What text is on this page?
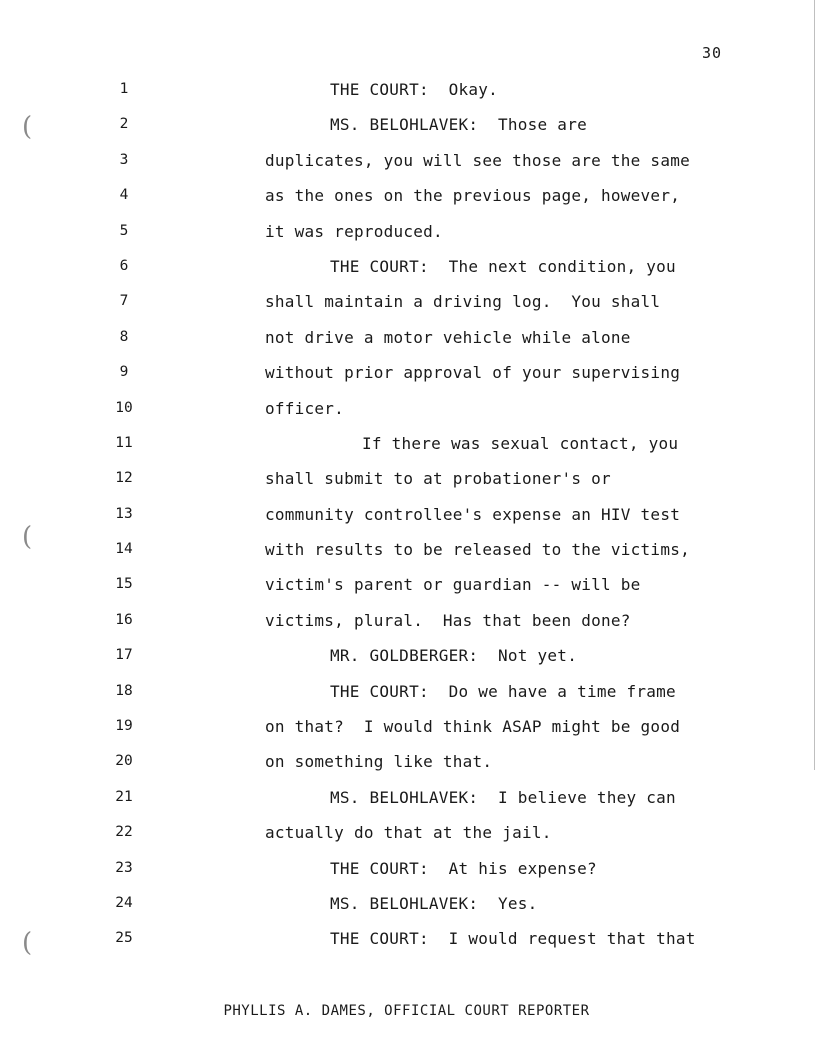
(
(
(
30
1	THE COURT:  Okay.
2	MS. BELOHLAVEK:  Those are
3	duplicates, you will see those are the same
4	as the ones on the previous page, however,
5	it was reproduced.
6	THE COURT:  The next condition, you
7	shall maintain a driving log.  You shall
8	not drive a motor vehicle while alone
9	without prior approval of your supervising
10	officer.
11	If there was sexual contact, you
12	shall submit to at probationer's or
13	community controllee's expense an HIV test
14	with results to be released to the victims,
15	victim's parent or guardian -- will be
16	victims, plural.  Has that been done?
17	MR. GOLDBERGER:  Not yet.
18	THE COURT:  Do we have a time frame
19	on that?  I would think ASAP might be good
20	on something like that.
21	MS. BELOHLAVEK:  I believe they can
22	actually do that at the jail.
23	THE COURT:  At his expense?
24	MS. BELOHLAVEK:  Yes.
25	THE COURT:  I would request that that
PHYLLIS A. DAMES, OFFICIAL COURT REPORTER
